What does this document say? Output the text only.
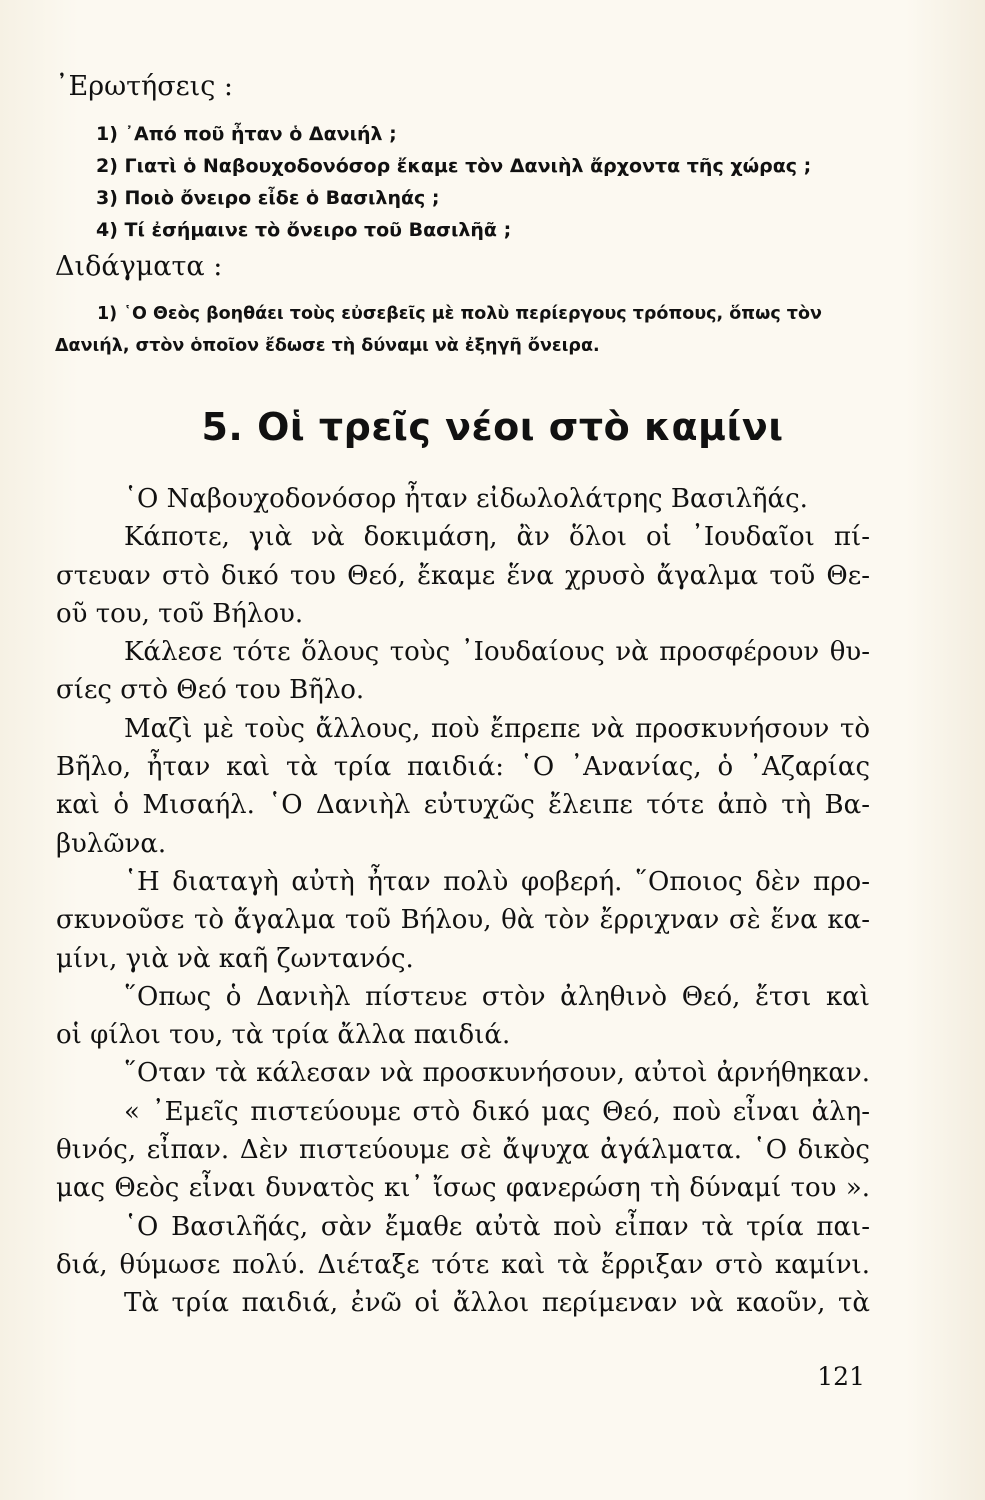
᾿Ερωτήσεις :
1) ᾿Από ποῦ ἦταν ὁ Δανιήλ ;
2) Γιατὶ ὁ Ναβουχοδονόσορ ἔκαμε τὸν Δανιὴλ ἄρχοντα τῆς χώρας ;
3) Ποιὸ ὄνειρο εἶδε ὁ Βασιληάς ;
4) Τί ἐσήμαινε τὸ ὄνειρο τοῦ Βασιλῆᾶ ;
Διδάγματα :
1) ῾Ο Θεὸς βοηθάει τοὺς εὐσεβεῖς μὲ πολὺ περίεργους τρόπους, ὅπως τὸν
Δανιήλ, στὸν ὁποῖον ἔδωσε τὴ δύναμι νὰ ἐξηγῆ ὄνειρα.
5. Οἱ τρεῖς νέοι στὸ καμίνι
῾Ο Ναβουχοδονόσορ ἦταν εἰδωλολάτρης Βασιλῆάς.
Κάποτε, γιὰ νὰ δοκιμάση, ἂν ὅλοι οἱ ᾿Ιουδαῖοι πί-
στευαν στὸ δικό του Θεό, ἔκαμε ἕνα χρυσὸ ἄγαλμα τοῦ Θε-
οῦ του, τοῦ Βήλου.
Κάλεσε τότε ὅλους τοὺς ᾿Ιουδαίους νὰ προσφέρουν θυ-
σίες στὸ Θεό του Βῆλο.
Μαζὶ μὲ τοὺς ἄλλους, ποὺ ἔπρεπε νὰ προσκυνήσουν τὸ
Βῆλο, ἦταν καὶ τὰ τρία παιδιά: ῾Ο ᾿Ανανίας, ὁ ᾿Αζαρίας
καὶ ὁ Μισαήλ. ῾Ο Δανιὴλ εὐτυχῶς ἔλειπε τότε ἀπὸ τὴ Βα-
βυλῶνα.
῾Η διαταγὴ αὐτὴ ἦταν πολὺ φοβερή. ῞Οποιος δὲν προ-
σκυνοῦσε τὸ ἄγαλμα τοῦ Βήλου, θὰ τὸν ἔρριχναν σὲ ἕνα κα-
μίνι, γιὰ νὰ καῆ ζωντανός.
῞Οπως ὁ Δανιὴλ πίστευε στὸν ἀληθινὸ Θεό, ἔτσι καὶ
οἱ φίλοι του, τὰ τρία ἄλλα παιδιά.
῞Οταν τὰ κάλεσαν νὰ προσκυνήσουν, αὐτοὶ ἀρνήθηκαν.
« ᾿Εμεῖς πιστεύουμε στὸ δικό μας Θεό, ποὺ εἶναι ἀλη-
θινός, εἶπαν. Δὲν πιστεύουμε σὲ ἄψυχα ἀγάλματα. ῾Ο δικὸς
μας Θεὸς εἶναι δυνατὸς κι᾿ ἴσως φανερώση τὴ δύναμί του ».
῾Ο Βασιλῆάς, σὰν ἔμαθε αὐτὰ ποὺ εἶπαν τὰ τρία παι-
διά, θύμωσε πολύ. Διέταξε τότε καὶ τὰ ἔρριξαν στὸ καμίνι.
Τὰ τρία παιδιά, ἐνῶ οἱ ἄλλοι περίμεναν νὰ καοῦν, τὰ
121
